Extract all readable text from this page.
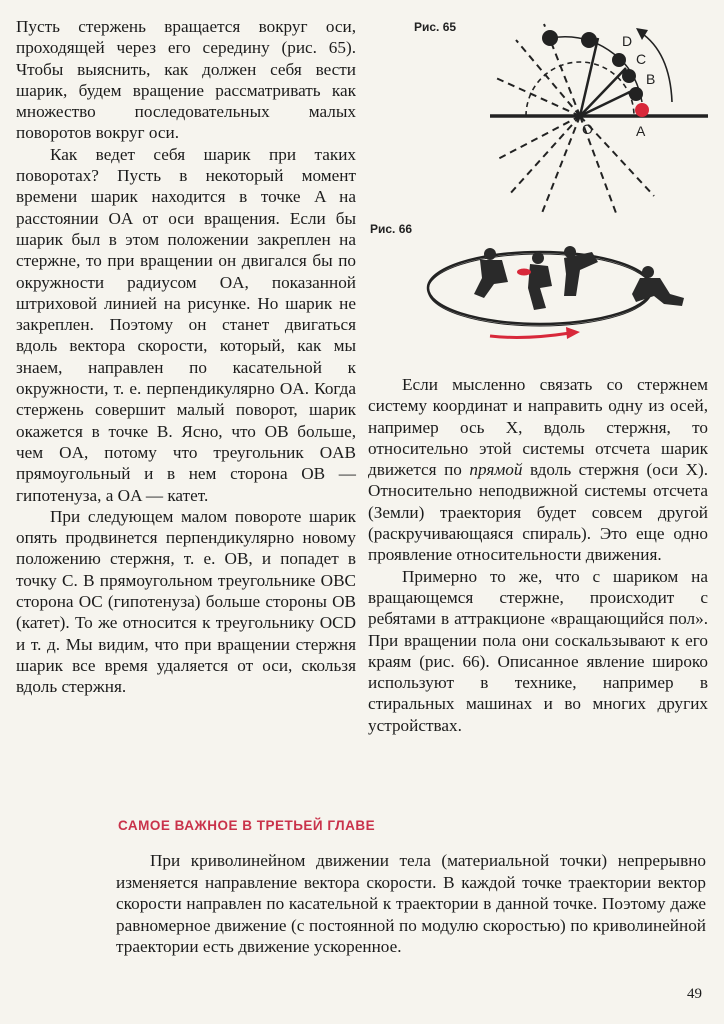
Пусть стержень вращается вокруг оси, проходящей через его середину (рис. 65). Чтобы выяснить, как должен себя вести шарик, будем вращение рассматривать как множество последовательных малых поворотов вокруг оси.

Как ведет себя шарик при таких поворотах? Пусть в некоторый момент времени шарик находится в точке A на расстоянии OA от оси вращения. Если бы шарик был в этом положении закреплен на стержне, то при вращении он двигался бы по окружности радиусом OA, показанной штриховой линией на рисунке. Но шарик не закреплен. Поэтому он станет двигаться вдоль вектора скорости, который, как мы знаем, направлен по касательной к окружности, т. е. перпендикулярно OA. Когда стержень совершит малый поворот, шарик окажется в точке B. Ясно, что OB больше, чем OA, потому что треугольник OAB прямоугольный и в нем сторона OB — гипотенуза, а OA — катет.

При следующем малом повороте шарик опять продвинется перпендикулярно новому положению стержня, т. е. OB, и попадет в точку C. В прямоугольном треугольнике OBC сторона OC (гипотенуза) больше стороны OB (катет). То же относится к треугольнику OCD и т. д. Мы видим, что при вращении стержня шарик все время удаляется от оси, скользя вдоль стержня.

Рис. 65
O	A
B
C
D
Рис. 66

Если мысленно связать со стержнем систему координат и направить одну из осей, например ось X, вдоль стержня, то относительно этой системы отсчета шарик движется по прямой вдоль стержня (оси X). Относительно неподвижной системы отсчета (Земли) траектория будет совсем другой (раскручивающаяся спираль). Это еще одно проявление относительности движения.

Примерно то же, что с шариком на вращающемся стержне, происходит с ребятами в аттракционе «вращающийся пол». При вращении пола они соскальзывают к его краям (рис. 66). Описанное явление широко используют в технике, например в стиральных машинах и во многих других устройствах.

САМОЕ ВАЖНОЕ В ТРЕТЬЕЙ ГЛАВЕ

При криволинейном движении тела (материальной точки) непрерывно изменяется направление вектора скорости. В каждой точке траектории вектор скорости направлен по касательной к траектории в данной точке. Поэтому даже равномерное движение (с постоянной по модулю скоростью) по криволинейной траектории есть движение ускоренное.

49
